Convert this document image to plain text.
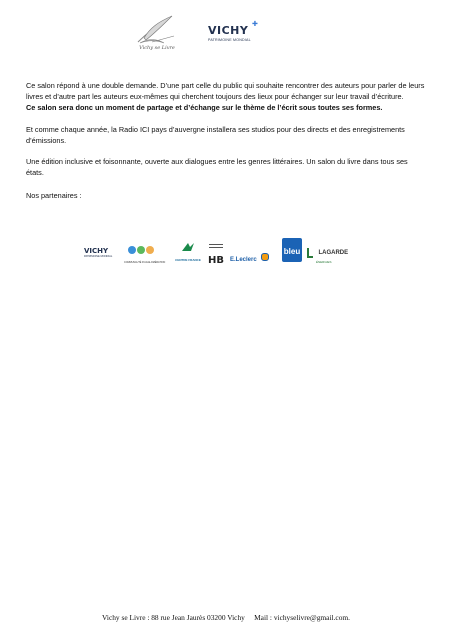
Vichy se Livre
✚
VICHY
PATRIMOINE MONDIAL

Ce salon répond à une double demande. D’une part celle du public qui souhaite rencontrer des auteurs pour parler de leurs livres et d’autre part les auteurs eux-mêmes qui cherchent toujours des lieux pour échanger sur leur travail d’écriture.

Ce salon sera donc un moment de partage et d’échange sur le thème de l’écrit sous toutes ses formes.

Et comme chaque année, la Radio ICI pays d’auvergne installera ses studios pour des directs et des enregistrements d’émissions.

Une édition inclusive et foisonnante, ouverte aux dialogues entre les genres littéraires. Un salon du livre dans tous ses états.

Nos partenaires :

VICHY
PATRIMOINE MONDIAL
COMMUNAUTÉ D'AGGLOMÉRATION
CENTRE FRANCE HB E.Leclerc
bleu	LAGARDE
ÉNERGIES
Vichy se Livre : 88 rue Jean Jaurès 03200 Vichy Mail : vichyselivre@gmail.com.
